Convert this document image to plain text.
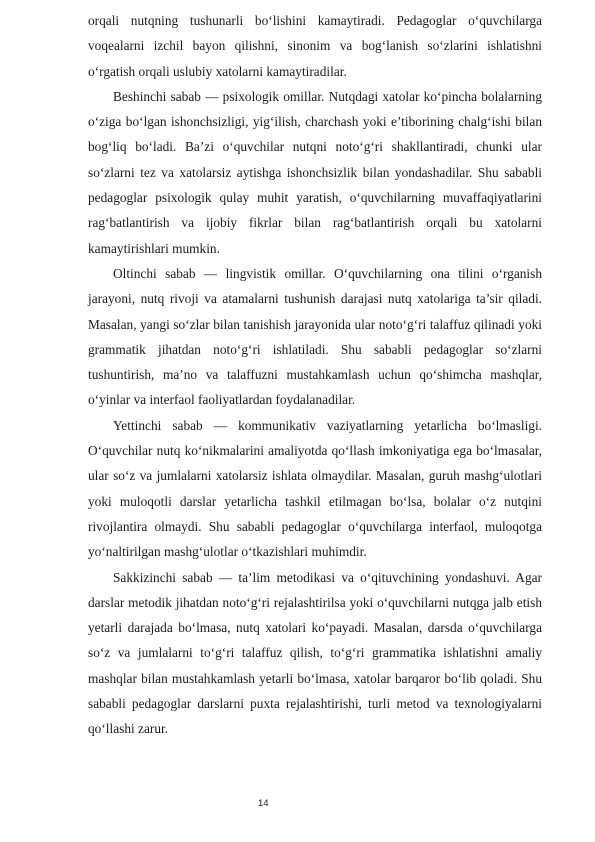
orqali nutqning tushunarli bo‘lishini kamaytiradi. Pedagoglar o‘quvchilarga voqealarni izchil bayon qilishni, sinonim va bog‘lanish so‘zlarini ishlatishni o‘rgatish orqali uslubiy xatolarni kamaytiradilar.

Beshinchi sabab — psixologik omillar. Nutqdagi xatolar ko‘pincha bolalarning o‘ziga bo‘lgan ishonchsizligi, yig‘ilish, charchash yoki e’tiborining chalg‘ishi bilan bog‘liq bo‘ladi. Ba’zi o‘quvchilar nutqni noto‘g‘ri shakllantiradi, chunki ular so‘zlarni tez va xatolarsiz aytishga ishonchsizlik bilan yondashadilar. Shu sababli pedagoglar psixologik qulay muhit yaratish, o‘quvchilarning muvaffaqiyatlarini rag‘batlantirish va ijobiy fikrlar bilan rag‘batlantirish orqali bu xatolarni kamaytirishlari mumkin.

Oltinchi sabab — lingvistik omillar. O‘quvchilarning ona tilini o‘rganish jarayoni, nutq rivoji va atamalarni tushunish darajasi nutq xatolariga ta’sir qiladi. Masalan, yangi so‘zlar bilan tanishish jarayonida ular noto‘g‘ri talaffuz qilinadi yoki grammatik jihatdan noto‘g‘ri ishlatiladi. Shu sababli pedagoglar so‘zlarni tushuntirish, ma’no va talaffuzni mustahkamlash uchun qo‘shimcha mashqlar, o‘yinlar va interfaol faoliyatlardan foydalanadilar.

Yettinchi sabab — kommunikativ vaziyatlarning yetarlicha bo‘lmasligi. O‘quvchilar nutq ko‘nikmalarini amaliyotda qo‘llash imkoniyatiga ega bo‘lmasalar, ular so‘z va jumlalarni xatolarsiz ishlata olmaydilar. Masalan, guruh mashg‘ulotlari yoki muloqotli darslar yetarlicha tashkil etilmagan bo‘lsa, bolalar o‘z nutqini rivojlantira olmaydi. Shu sababli pedagoglar o‘quvchilarga interfaol, muloqotga yo‘naltirilgan mashg‘ulotlar o‘tkazishlari muhimdir.

Sakkizinchi sabab — ta’lim metodikasi va o‘qituvchining yondashuvi. Agar darslar metodik jihatdan noto‘g‘ri rejalashtirilsa yoki o‘quvchilarni nutqga jalb etish yetarli darajada bo‘lmasa, nutq xatolari ko‘payadi. Masalan, darsda o‘quvchilarga so‘z va jumlalarni to‘g‘ri talaffuz qilish, to‘g‘ri grammatika ishlatishni amaliy mashqlar bilan mustahkamlash yetarli bo‘lmasa, xatolar barqaror bo‘lib qoladi. Shu sababli pedagoglar darslarni puxta rejalashtirishi, turli metod va texnologiyalarni qo‘llashi zarur.

14
